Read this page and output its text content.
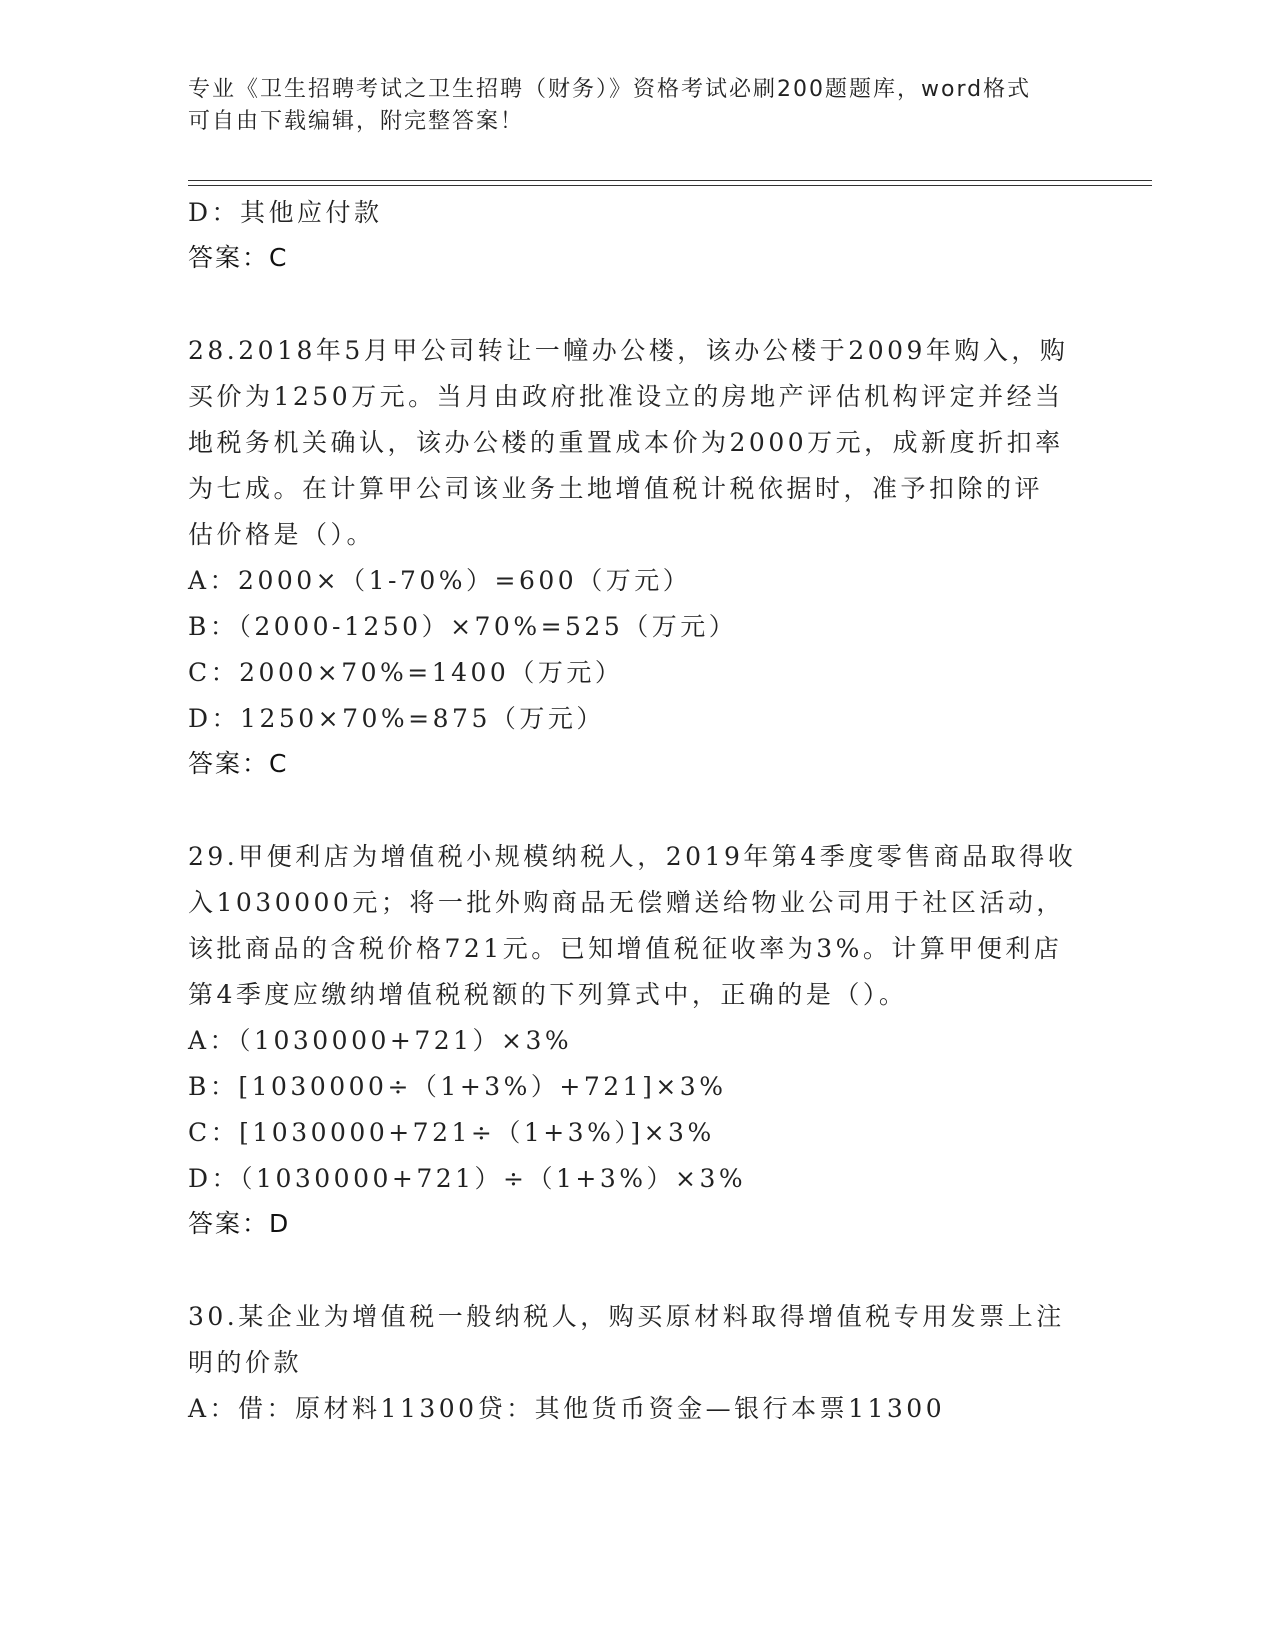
专业《卫生招聘考试之卫生招聘（财务）》资格考试必刷200题题库，word格式
可自由下载编辑，附完整答案！
D：其他应付款
答案：C
28.2018年5月甲公司转让一幢办公楼，该办公楼于2009年购入，购
买价为1250万元。当月由政府批准设立的房地产评估机构评定并经当
地税务机关确认，该办公楼的重置成本价为2000万元，成新度折扣率
为七成。在计算甲公司该业务土地增值税计税依据时，准予扣除的评
估价格是（）。
A：2000×（1-70%）=600（万元）
B：（2000-1250）×70%=525（万元）
C：2000×70%=1400（万元）
D：1250×70%=875（万元）
答案：C
29.甲便利店为增值税小规模纳税人，2019年第4季度零售商品取得收
入1030000元；将一批外购商品无偿赠送给物业公司用于社区活动，
该批商品的含税价格721元。已知增值税征收率为3%。计算甲便利店
第4季度应缴纳增值税税额的下列算式中，正确的是（）。
A：（1030000+721）×3%
B：[1030000÷（1+3%）+721]×3%
C：[1030000+721÷（1+3%）]×3%
D：（1030000+721）÷（1+3%）×3%
答案：D
30.某企业为增值税一般纳税人，购买原材料取得增值税专用发票上注
明的价款
A：借：原材料11300贷：其他货币资金—银行本票11300
